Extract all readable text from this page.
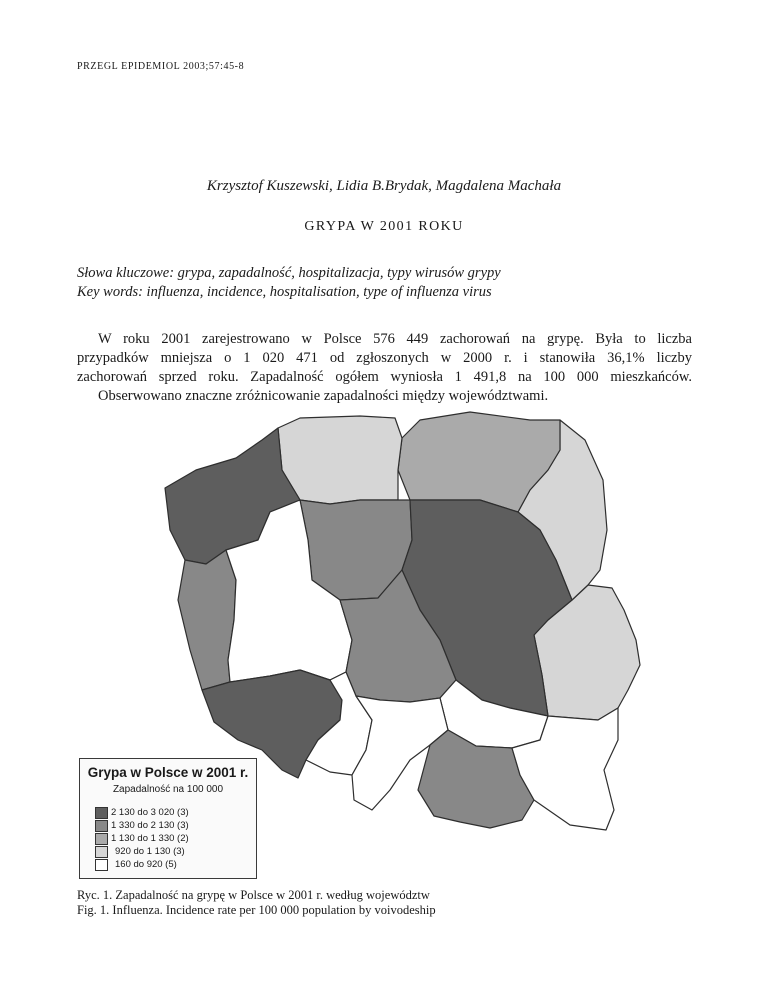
PRZEGL EPIDEMIOL 2003;57:45-8
Krzysztof Kuszewski, Lidia B.Brydak, Magdalena Machała
GRYPA W 2001 ROKU
Słowa kluczowe: grypa, zapadalność, hospitalizacja, typy wirusów grypy
Key words: influenza, incidence, hospitalisation, type of influenza virus
W roku 2001 zarejestrowano w Polsce 576 449 zachorowań na grypę. Była to liczba
przypadków mniejsza o 1 020 471 od zgłoszonych w 2000 r. i stanowiła 36,1% liczby
zachorowań sprzed roku. Zapadalność ogółem wyniosła 1 491,8 na 100 000 mieszkańców.
Obserwowano znaczne zróżnicowanie zapadalności między województwami.
Grypa w Polsce w 2001 r.
Zapadalność na 100 000
2 130 do 3 020 (3)
1 330 do 2 130 (3)
1 130 do 1 330 (2)
920 do 1 130 (3)
160 do 920 (5)
Ryc. 1. Zapadalność na grypę w Polsce w 2001 r. według województw
Fig. 1. Influenza. Incidence rate per 100 000 population by voivodeship
